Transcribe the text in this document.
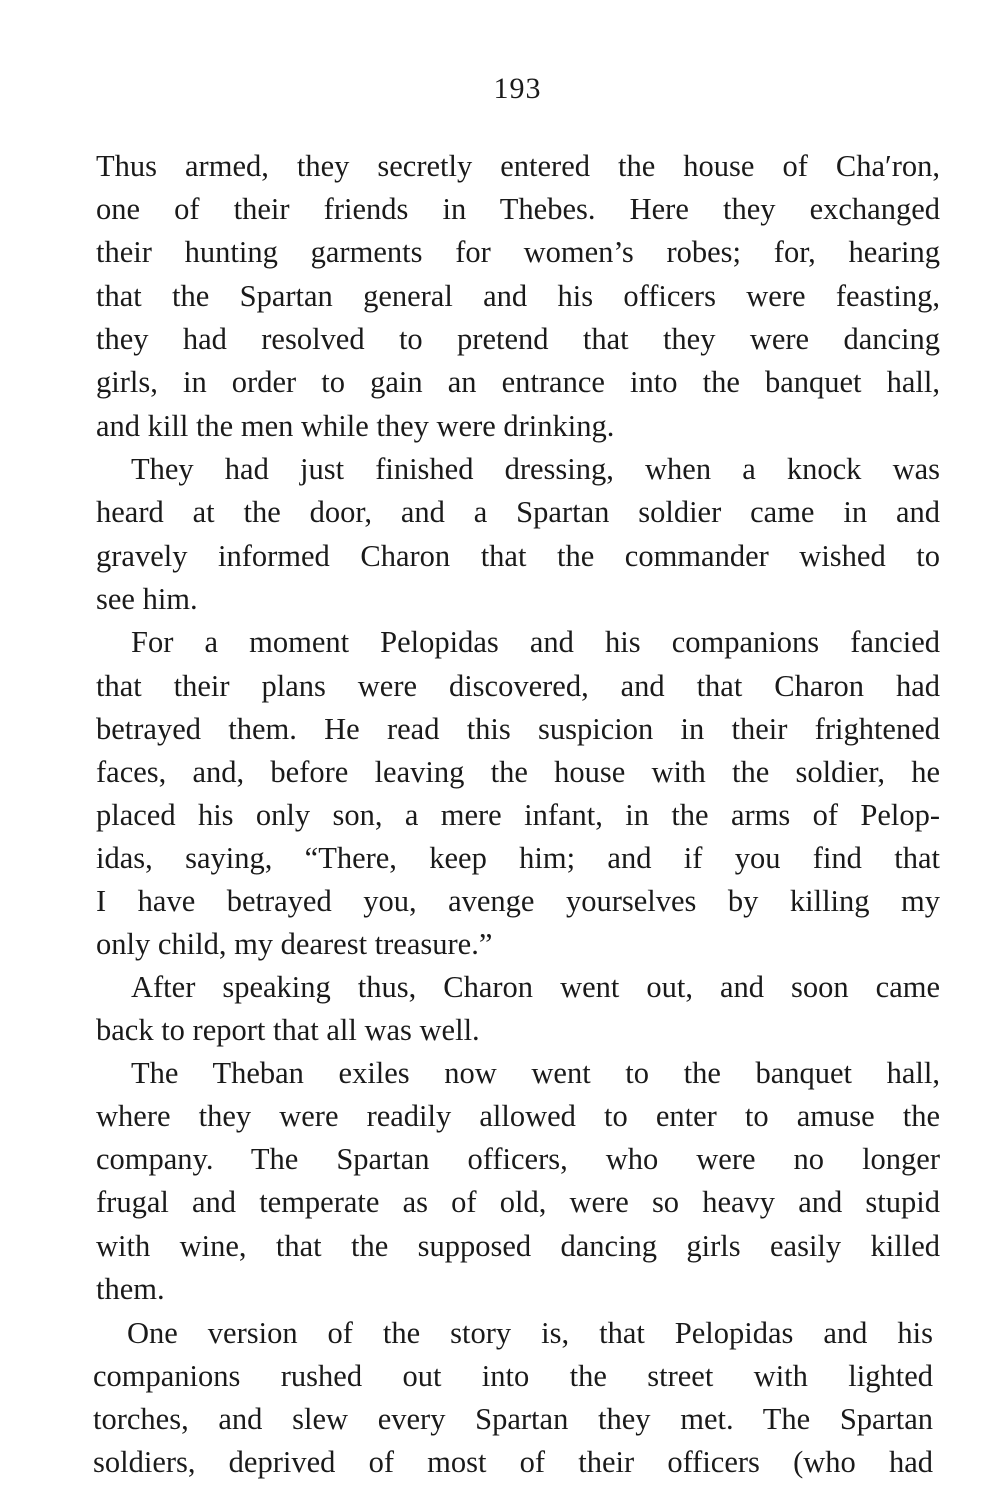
193
Thus armed, they secretly entered the house of Cha′ron,
one of their friends in Thebes. Here they exchanged
their hunting garments for women’s robes; for, hearing
that the Spartan general and his officers were feasting,
they had resolved to pretend that they were dancing
girls, in order to gain an entrance into the banquet hall,
and kill the men while they were drinking.
They had just finished dressing, when a knock was
heard at the door, and a Spartan soldier came in and
gravely informed Charon that the commander wished to
see him.
For a moment Pelopidas and his companions fancied
that their plans were discovered, and that Charon had
betrayed them. He read this suspicion in their frightened
faces, and, before leaving the house with the soldier, he
placed his only son, a mere infant, in the arms of Pelop-
idas, saying, “There, keep him; and if you find that
I have betrayed you, avenge yourselves by killing my
only child, my dearest treasure.”
After speaking thus, Charon went out, and soon came
back to report that all was well.
The Theban exiles now went to the banquet hall,
where they were readily allowed to enter to amuse the
company. The Spartan officers, who were no longer
frugal and temperate as of old, were so heavy and stupid
with wine, that the supposed dancing girls easily killed
them.
One version of the story is, that Pelopidas and his
companions rushed out into the street with lighted
torches, and slew every Spartan they met. The Spartan
soldiers, deprived of most of their officers (who had
